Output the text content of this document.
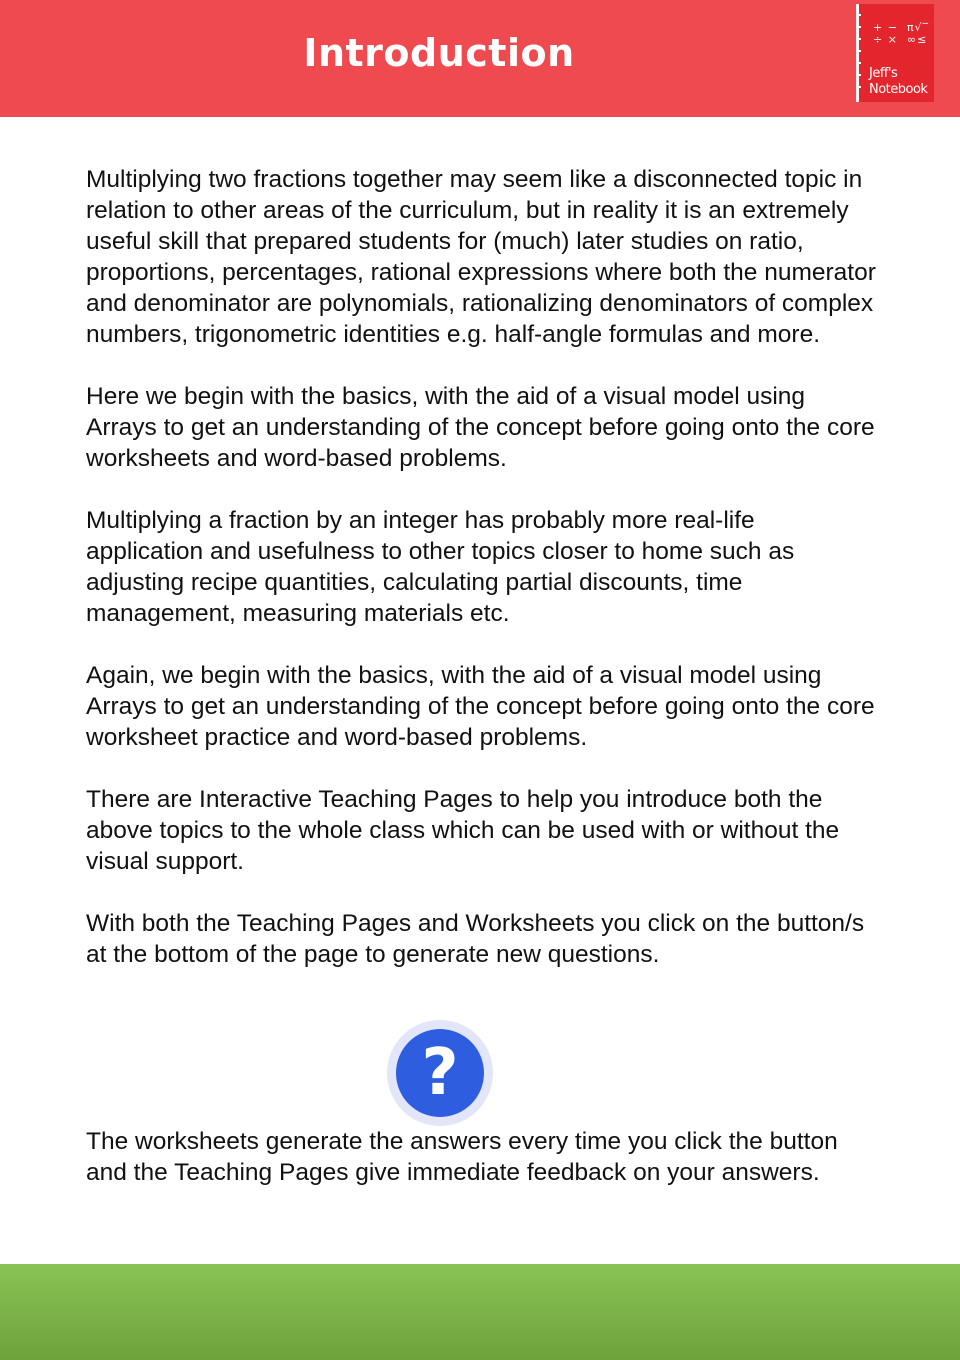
Introduction
+ −  π√‾
÷ ×  ∞≤
Jeff's
Notebook

Multiplying two fractions together may seem like a disconnected topic in relation to other areas of the curriculum, but in reality it is an extremely useful skill that prepared students for (much) later studies on ratio, proportions, percentages, rational expressions where both the numerator and denominator are polynomials, rationalizing denominators of complex numbers, trigonometric identities e.g. half-angle formulas and more.

Here we begin with the basics, with the aid of a visual model using Arrays to get an understanding of the concept before going onto the core worksheets and word-based problems.

Multiplying a fraction by an integer has probably more real-life application and usefulness to other topics closer to home such as adjusting recipe quantities, calculating partial discounts, time management, measuring materials etc.

Again, we begin with the basics, with the aid of a visual model using Arrays to get an understanding of the concept before going onto the core worksheet practice and word-based problems.

There are Interactive Teaching Pages to help you introduce both the above topics to the whole class which can be used with or without the visual support.

With both the Teaching Pages and Worksheets you click on the button/s at the bottom of the page to generate new questions.

?

The worksheets generate the answers every time you click the button and the Teaching Pages give immediate feedback on your answers.
